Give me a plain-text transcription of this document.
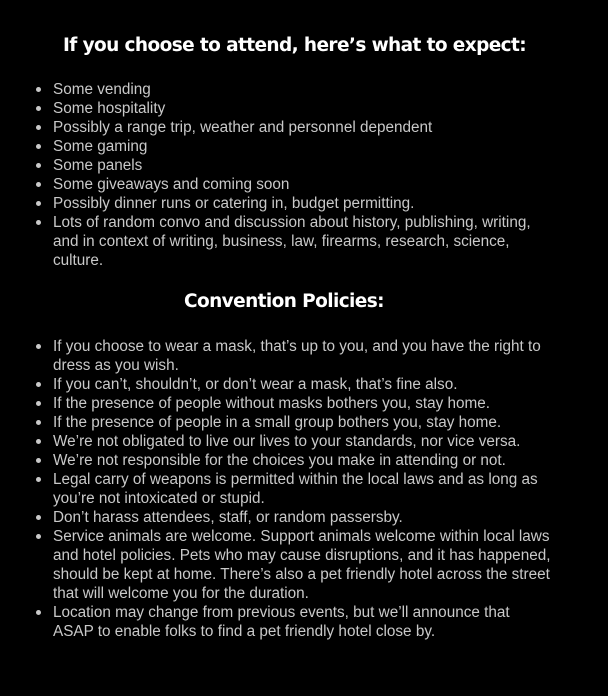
If you choose to attend, here’s what to expect:
Some vending
Some hospitality
Possibly a range trip, weather and personnel dependent
Some gaming
Some panels
Some giveaways and coming soon
Possibly dinner runs or catering in, budget permitting.
Lots of random convo and discussion about history, publishing, writing, and in context of writing, business, law, firearms, research, science, culture.
Convention Policies:
If you choose to wear a mask, that’s up to you, and you have the right to dress as you wish.
If you can’t, shouldn’t, or don’t wear a mask, that’s fine also.
If the presence of people without masks bothers you, stay home.
If the presence of people in a small group bothers you, stay home.
We’re not obligated to live our lives to your standards, nor vice versa.
We’re not responsible for the choices you make in attending or not.
Legal carry of weapons is permitted within the local laws and as long as you’re not intoxicated or stupid.
Don’t harass attendees, staff, or random passersby.
Service animals are welcome. Support animals welcome within local laws and hotel policies. Pets who may cause disruptions, and it has happened, should be kept at home. There’s also a pet friendly hotel across the street that will welcome you for the duration.
Location may change from previous events, but we’ll announce that ASAP to enable folks to find a pet friendly hotel close by.
